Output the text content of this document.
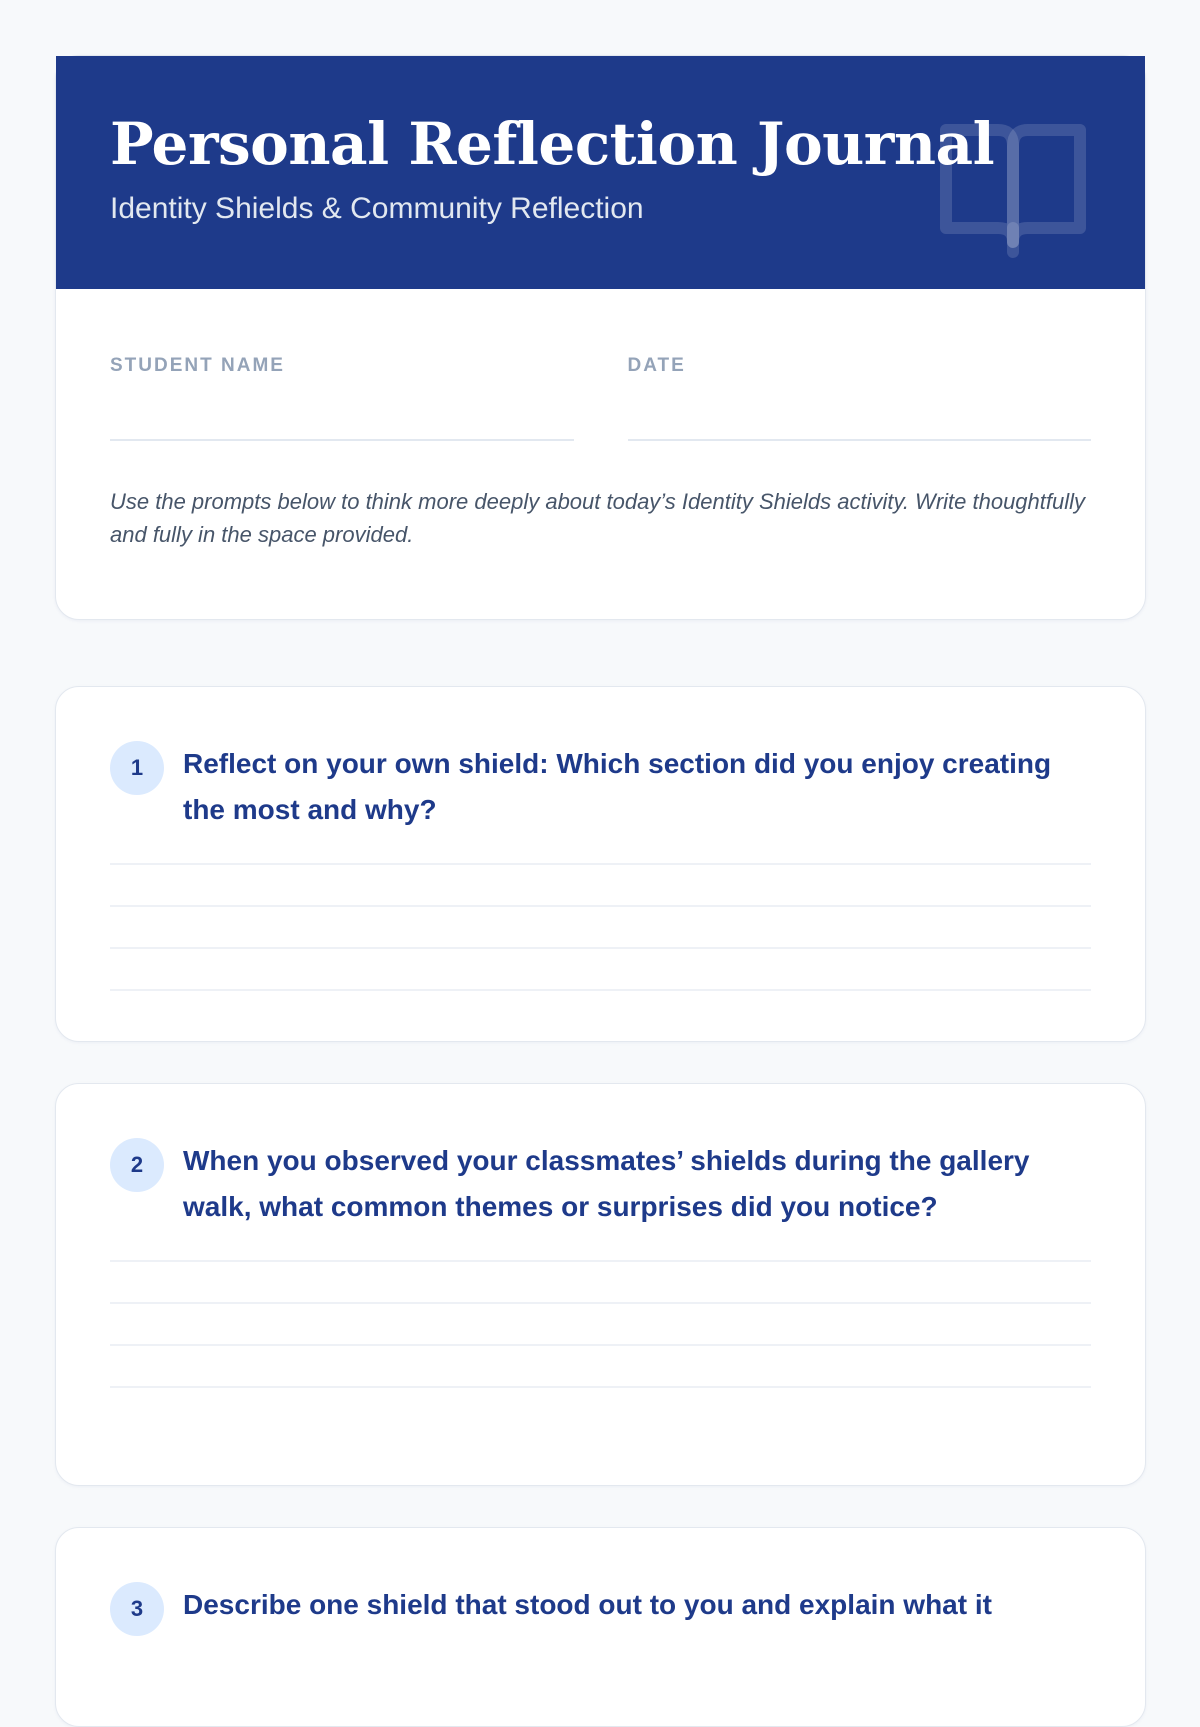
Personal Reflection Journal
Identity Shields & Community Reflection
STUDENT NAME	DATE

Use the prompts below to think more deeply about today’s Identity Shields activity. Write thoughtfully and fully in the space provided.

1	Reflect on your own shield: Which section did you enjoy creating the most and why?
2	When you observed your classmates’ shields during the gallery walk, what common themes or surprises did you notice?
3	Describe one shield that stood out to you and explain what it
